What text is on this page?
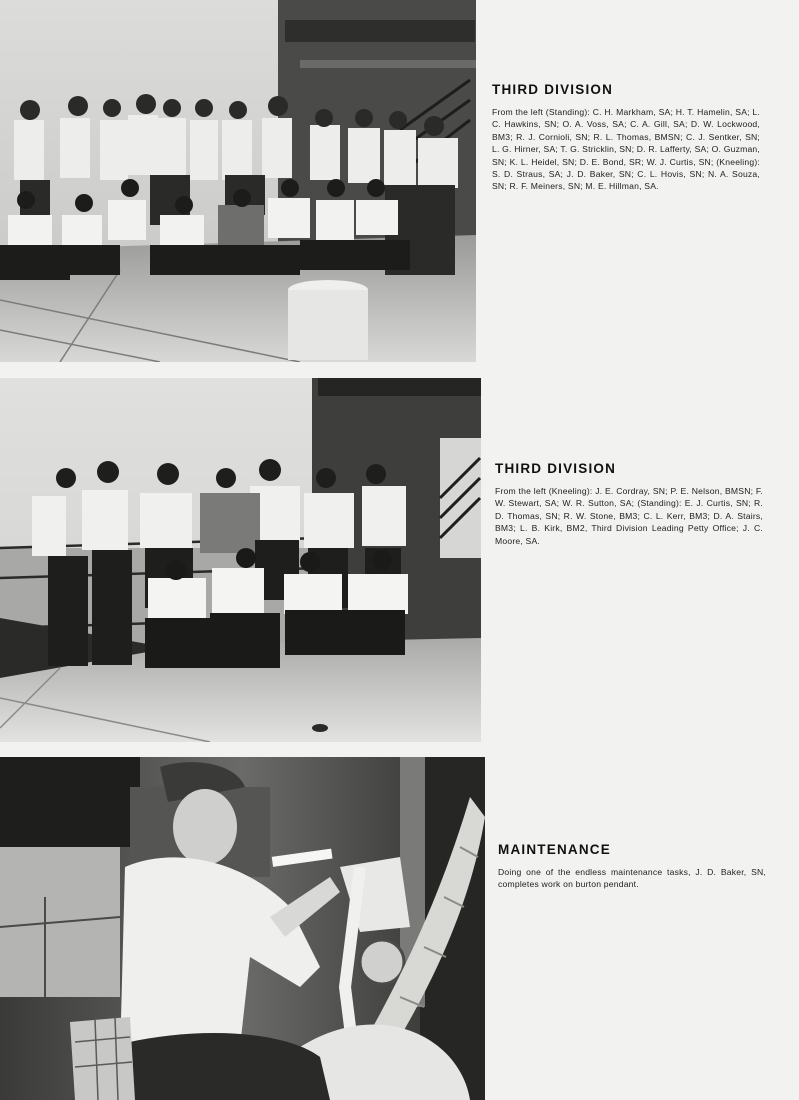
THIRD DIVISION

From the left (Standing): C. H. Markham, SA; H. T. Hamelin, SA; L. C. Hawkins, SN; O. A. Voss, SA; C. A. Gill, SA; D. W. Lockwood, BM3; R. J. Cornioli, SN; R. L. Thomas, BMSN; C. J. Sentker, SN; L. G. Hirner, SA; T. G. Stricklin, SN; D. R. Lafferty, SA; O. Guzman, SN; K. L. Heidel, SN; D. E. Bond, SR; W. J. Curtis, SN; (Kneeling): S. D. Straus, SA; J. D. Baker, SN; C. L. Hovis, SN; N. A. Souza, SN; R. F. Meiners, SN; M. E. Hillman, SA.

THIRD DIVISION

From the left (Kneeling): J. E. Cordray, SN; P. E. Nelson, BMSN; F. W. Stewart, SA; W. R. Sutton, SA; (Standing): E. J. Curtis, SN; R. D. Thomas, SN; R. W. Stone, BM3; C. L. Kerr, BM3; D. A. Stairs, BM3; L. B. Kirk, BM2, Third Division Leading Petty Office; J. C. Moore, SA.

MAINTENANCE

Doing one of the endless maintenance tasks, J. D. Baker, SN, completes work on burton pendant.
